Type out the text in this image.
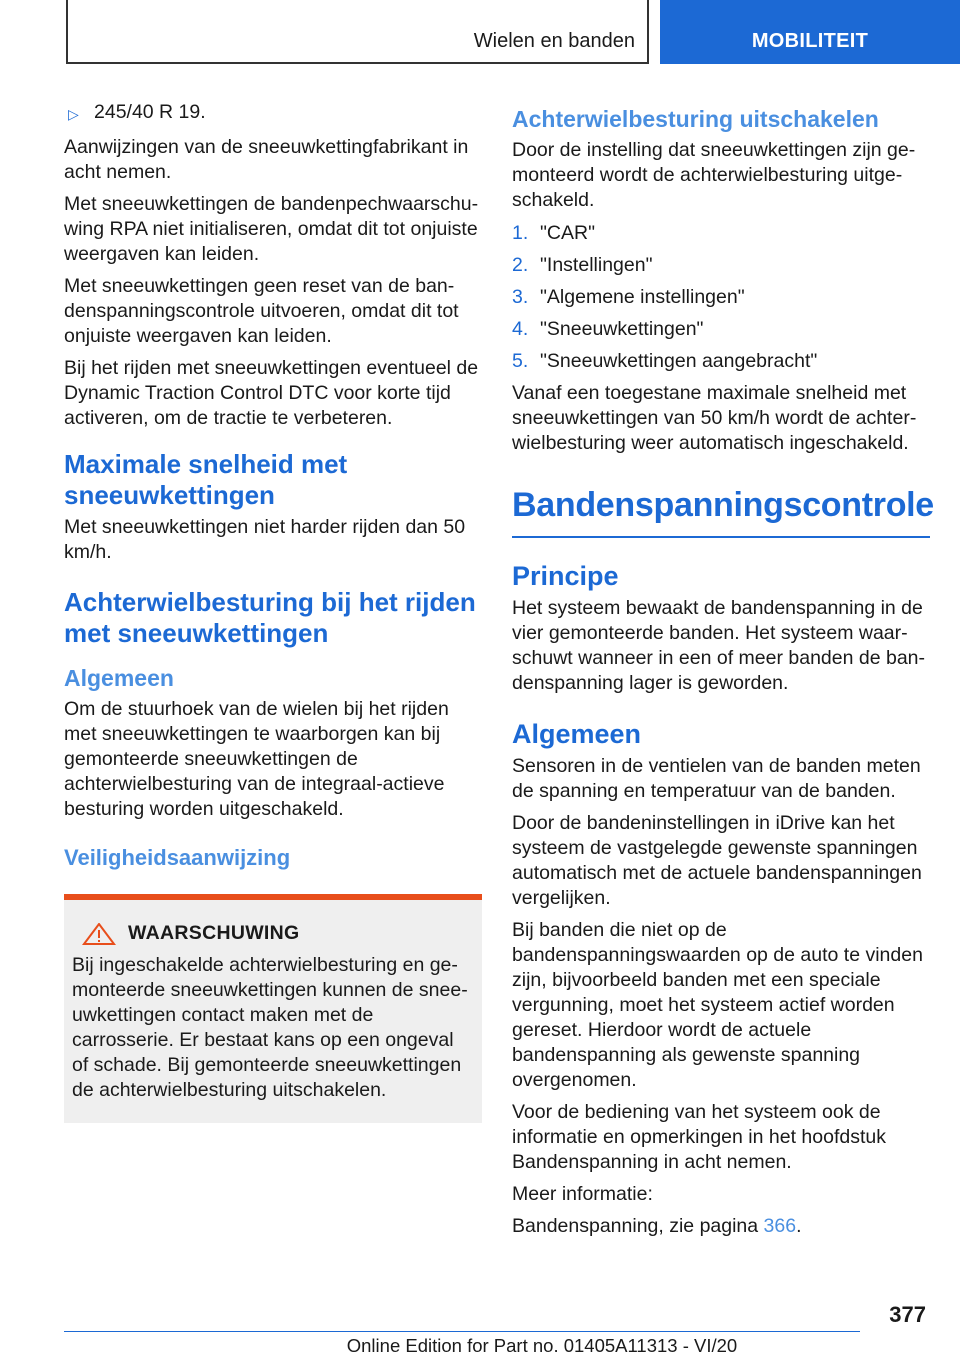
Wielen en banden	MOBILITEIT
▷ 245/40 R 19.

Aanwijzingen van de sneeuwkettingfabrikant in acht nemen.

Met sneeuwkettingen de bandenpechwaarschuwing RPA niet initialiseren, omdat dit tot onjuiste weergaven kan leiden.

Met sneeuwkettingen geen reset van de bandenspanningscontrole uitvoeren, omdat dit tot onjuiste weergaven kan leiden.

Bij het rijden met sneeuwkettingen eventueel de Dynamic Traction Control DTC voor korte tijd activeren, om de tractie te verbeteren.

Maximale snelheid met sneeuwkettingen

Met sneeuwkettingen niet harder rijden dan 50 km/h.

Achterwielbesturing bij het rijden met sneeuwkettingen
Algemeen

Om de stuurhoek van de wielen bij het rijden met sneeuwkettingen te waarborgen kan bij gemonteerde sneeuwkettingen de achterwielbesturing van de integraal-actieve besturing worden uitgeschakeld.

Veiligheidsaanwijzing
WAARSCHUWING

Bij ingeschakelde achterwielbesturing en gemonteerde sneeuwkettingen kunnen de sneeuwkettingen contact maken met de carrosserie. Er bestaat kans op een ongeval of schade. Bij gemonteerde sneeuwkettingen de achterwielbesturing uitschakelen.

Achterwielbesturing uitschakelen

Door de instelling dat sneeuwkettingen zijn gemonteerd wordt de achterwielbesturing uitgeschakeld.

1. "CAR"
2. "Instellingen"
3. "Algemene instellingen"
4. "Sneeuwkettingen"
5. "Sneeuwkettingen aangebracht"

Vanaf een toegestane maximale snelheid met sneeuwkettingen van 50 km/h wordt de achterwielbesturing weer automatisch ingeschakeld.

Bandenspanningscontrole
Principe

Het systeem bewaakt de bandenspanning in de vier gemonteerde banden. Het systeem waarschuwt wanneer in een of meer banden de bandenspanning lager is geworden.

Algemeen

Sensoren in de ventielen van de banden meten de spanning en temperatuur van de banden.

Door de bandeninstellingen in iDrive kan het systeem de vastgelegde gewenste spanningen automatisch met de actuele bandenspanningen vergelijken.

Bij banden die niet op de bandenspanningswaarden op de auto te vinden zijn, bijvoorbeeld banden met een speciale vergunning, moet het systeem actief worden gereset. Hierdoor wordt de actuele bandenspanning als gewenste spanning overgenomen.

Voor de bediening van het systeem ook de informatie en opmerkingen in het hoofdstuk Bandenspanning in acht nemen.

Meer informatie:

Bandenspanning, zie pagina 366.

377
Online Edition for Part no. 01405A11313 - VI/20
